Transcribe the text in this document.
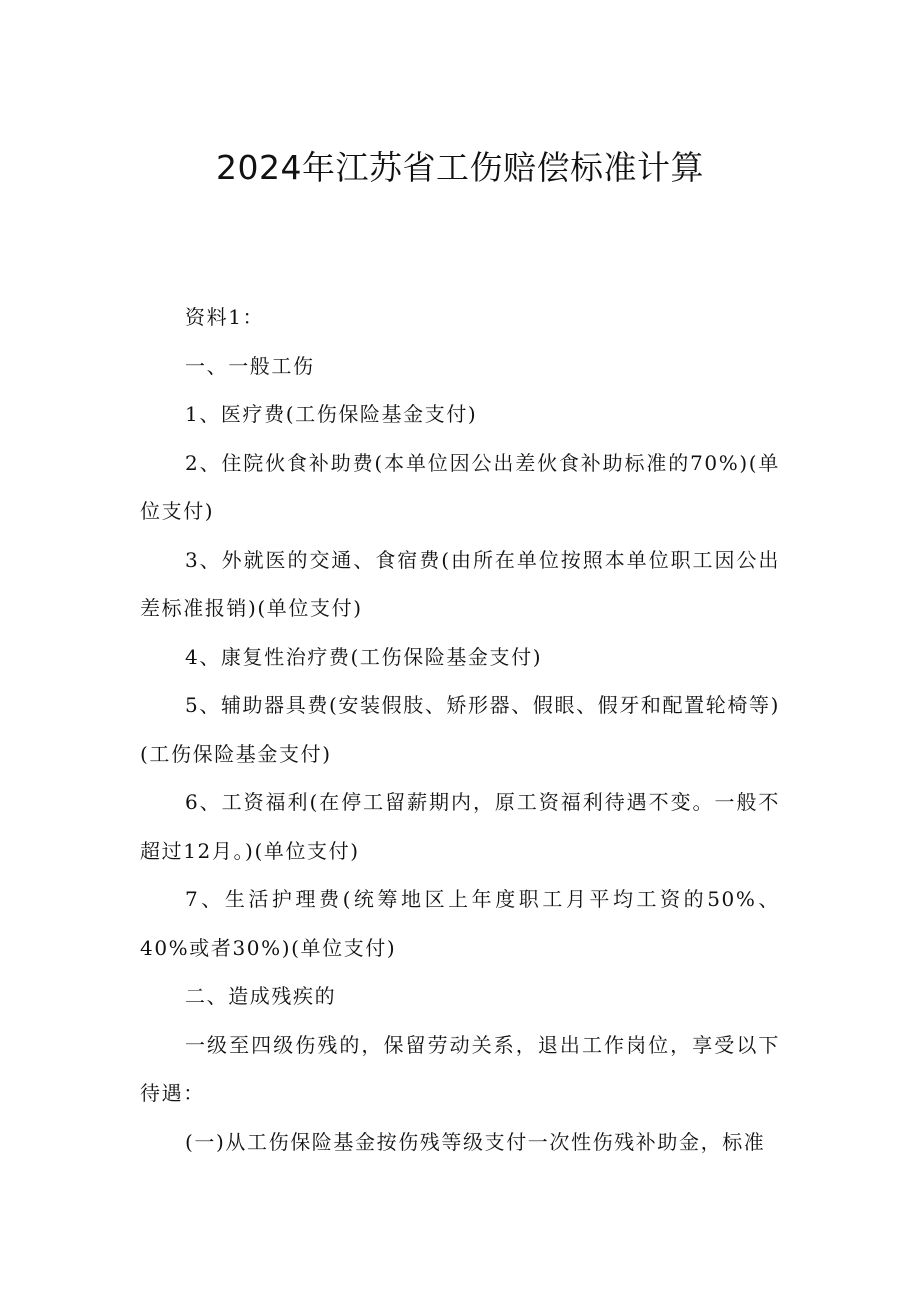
2024年江苏省工伤赔偿标准计算

资料1：

一、一般工伤

1、医疗费(工伤保险基金支付)

2、住院伙食补助费(本单位因公出差伙食补助标准的70%)(单位支付)

3、外就医的交通、食宿费(由所在单位按照本单位职工因公出差标准报销)(单位支付)

4、康复性治疗费(工伤保险基金支付)

5、辅助器具费(安装假肢、矫形器、假眼、假牙和配置轮椅等)(工伤保险基金支付)

6、工资福利(在停工留薪期内，原工资福利待遇不变。一般不超过12月。)(单位支付)

7、生活护理费(统筹地区上年度职工月平均工资的50%、40%或者30%)(单位支付)

二、造成残疾的

一级至四级伤残的，保留劳动关系，退出工作岗位，享受以下待遇：

(一)从工伤保险基金按伤残等级支付一次性伤残补助金，标准
